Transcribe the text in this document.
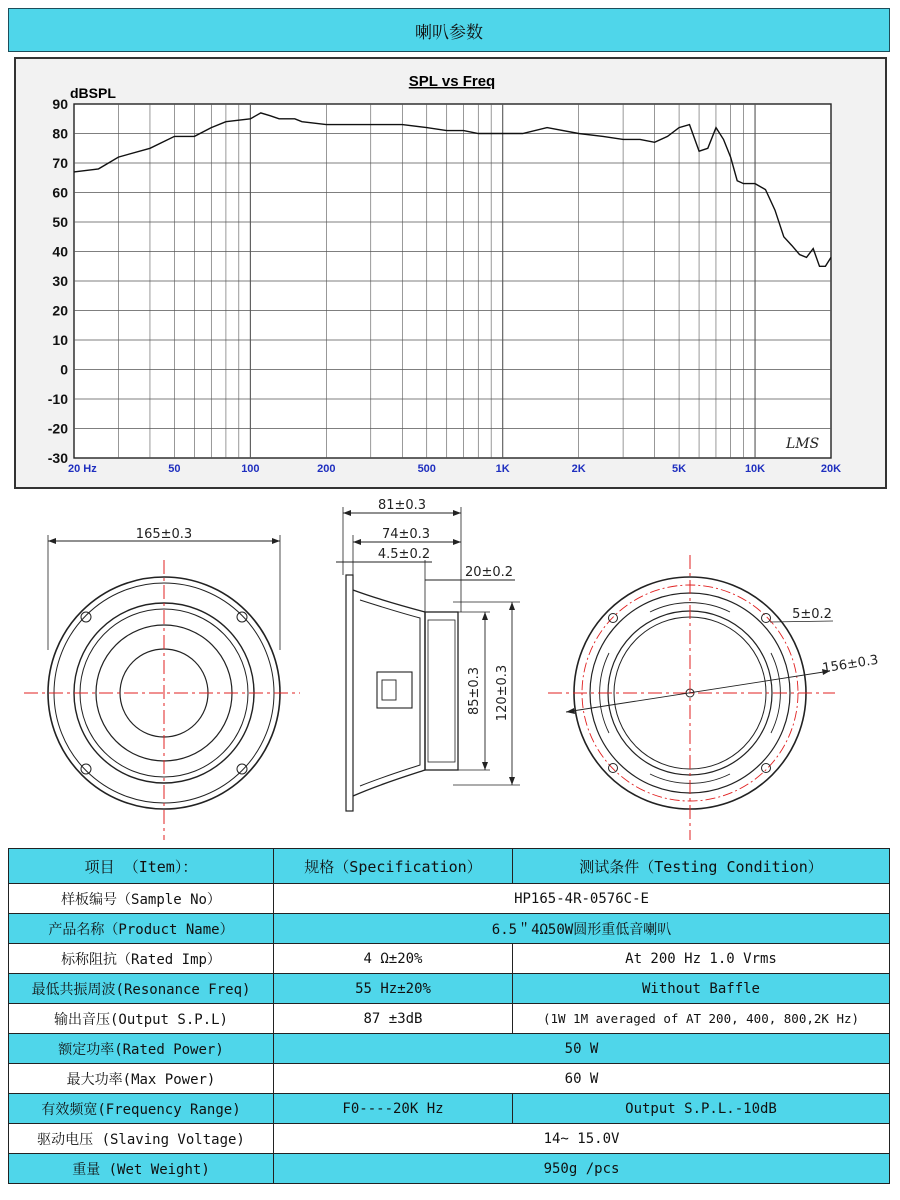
喇叭参数
SPL vs Freq
dBSPL
90
80
70
60
50
40
30
20
10
0
-10
-20
-30
20 Hz	50	100	200	500	1K	2K	5K	10K	20K
LMS
165±0.3
81±0.3
74±0.3
4.5±0.2
20±0.2
85±0.3 120±0.3
5±0.2
156±0.3
项目 （Item）：	规格（Specification）	测试条件（Testing Condition）
样板编号（Sample No）	HP165-4R-0576C-E	
产品名称（Product Name）	6.5＂4Ω50W圆形重低音喇叭	
标称阻抗（Rated Imp）	4 Ω±20%	At 200 Hz 1.0 Vrms
最低共振周波(Resonance Freq)	55 Hz±20%	Without Baffle
输出音压(Output S.P.L)	87 ±3dB	(1W 1M averaged of AT 200, 400, 800,2K Hz)
额定功率(Rated Power)	50 W	
最大功率(Max Power)	60 W	
有效频宽(Frequency Range)	F0----20K Hz	Output S.P.L.-10dB
驱动电压 (Slaving Voltage)	14~ 15.0V	
重量 (Wet Weight)	950g /pcs	
